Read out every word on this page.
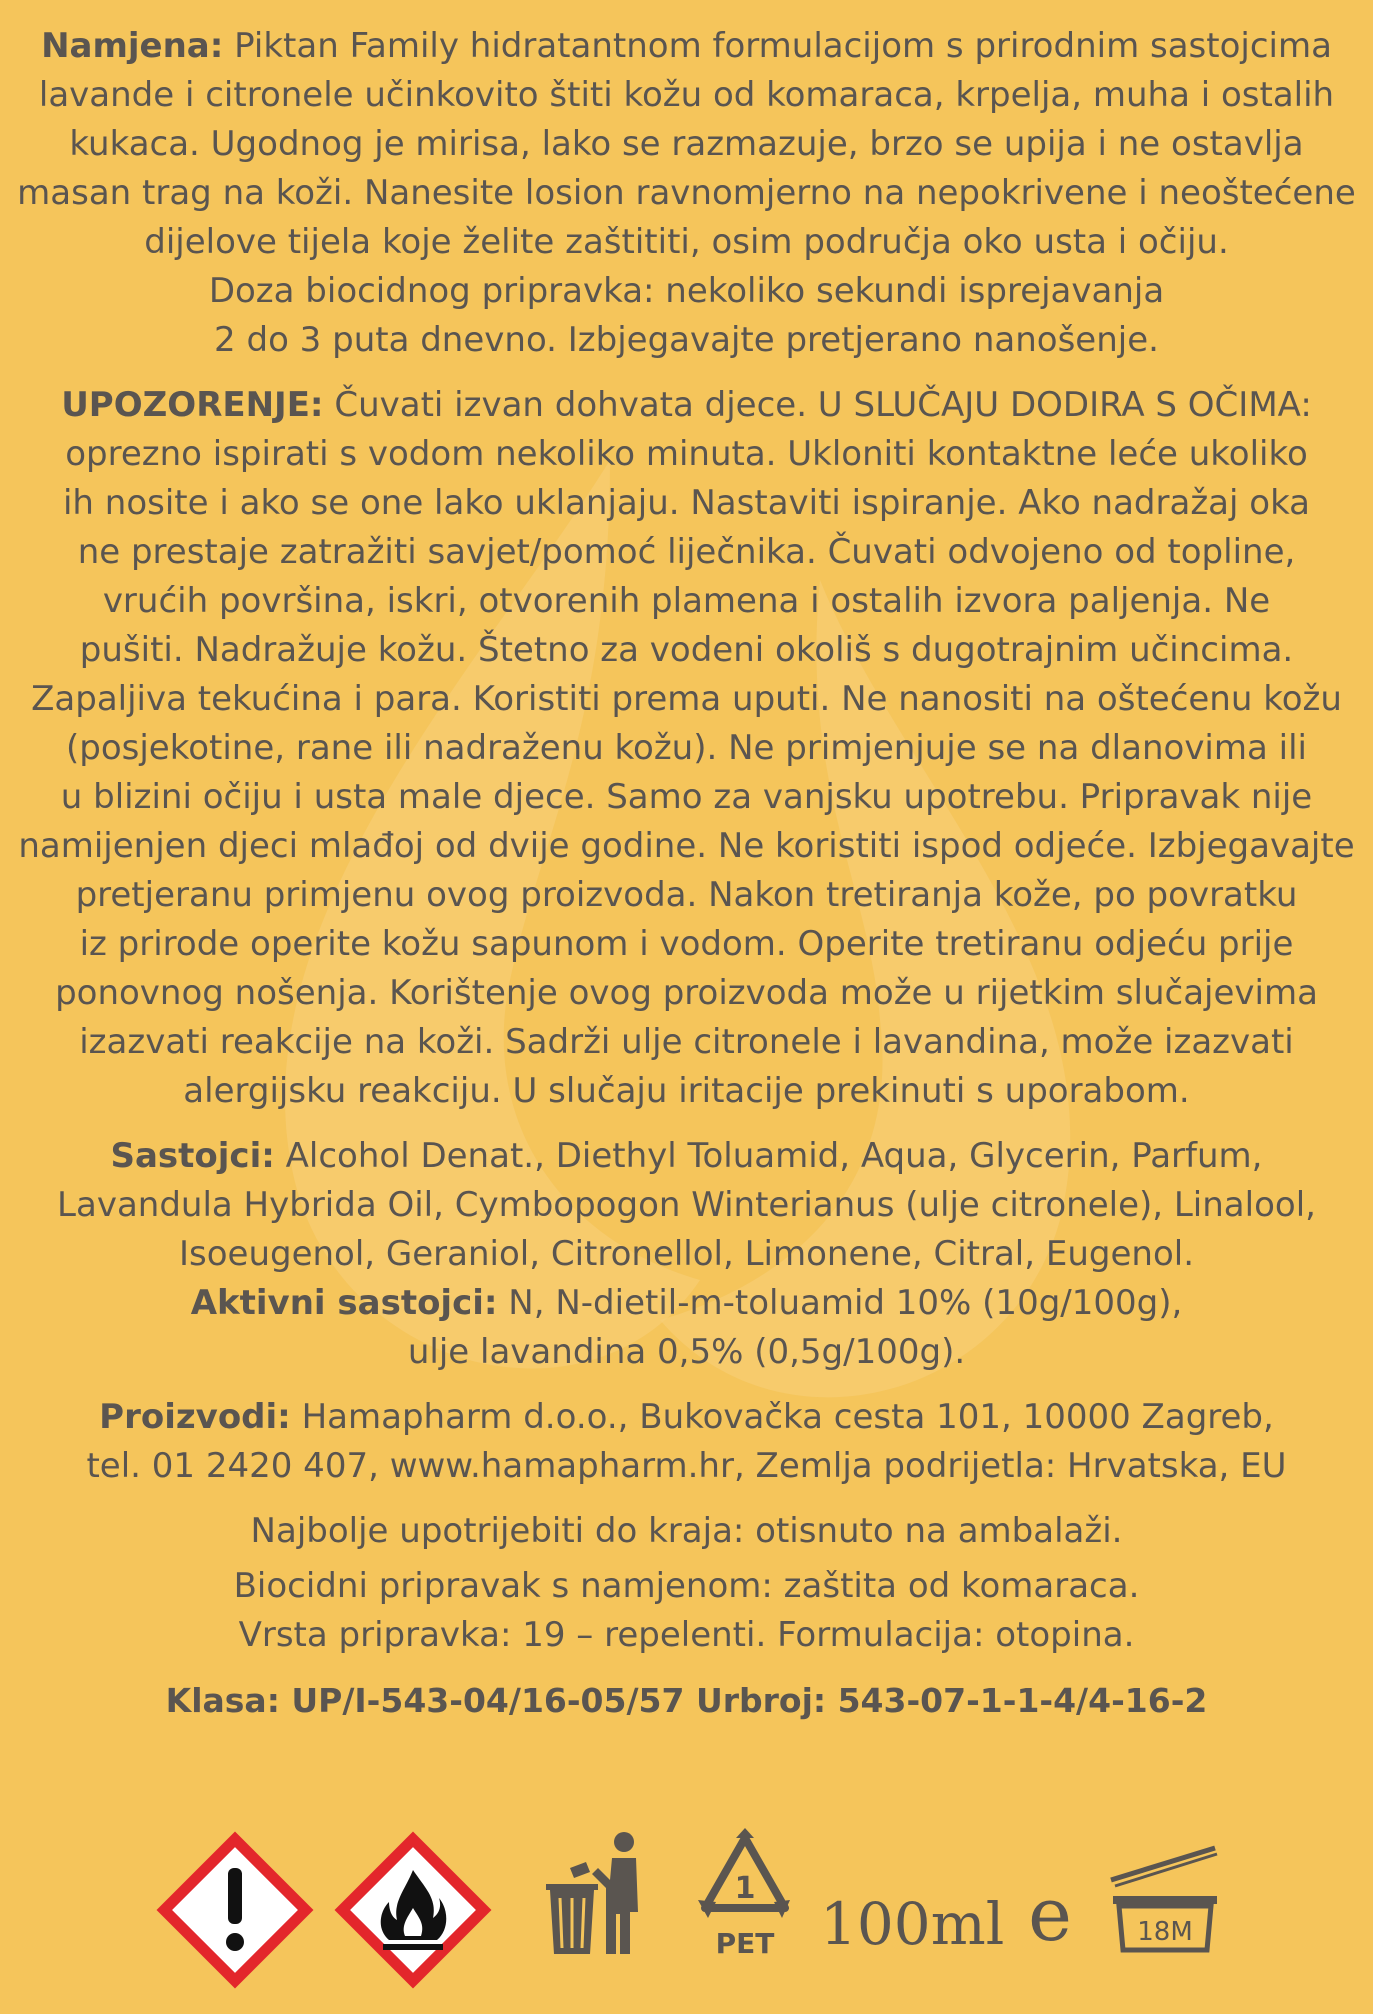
Namjena: Piktan Family hidratantnom formulacijom s prirodnim sastojcima
lavande i citronele učinkovito štiti kožu od komaraca, krpelja, muha i ostalih
kukaca. Ugodnog je mirisa, lako se razmazuje, brzo se upija i ne ostavlja
masan trag na koži. Nanesite losion ravnomjerno na nepokrivene i neoštećene
dijelove tijela koje želite zaštititi, osim područja oko usta i očiju.
Doza biocidnog pripravka: nekoliko sekundi isprejavanja
2 do 3 puta dnevno. Izbjegavajte pretjerano nanošenje.
UPOZORENJE: Čuvati izvan dohvata djece. U SLUČAJU DODIRA S OČIMA:
oprezno ispirati s vodom nekoliko minuta. Ukloniti kontaktne leće ukoliko
ih nosite i ako se one lako uklanjaju. Nastaviti ispiranje. Ako nadražaj oka
ne prestaje zatražiti savjet/pomoć liječnika. Čuvati odvojeno od topline,
vrućih površina, iskri, otvorenih plamena i ostalih izvora paljenja. Ne
pušiti. Nadražuje kožu. Štetno za vodeni okoliš s dugotrajnim učincima.
Zapaljiva tekućina i para. Koristiti prema uputi. Ne nanositi na oštećenu kožu
(posjekotine, rane ili nadraženu kožu). Ne primjenjuje se na dlanovima ili
u blizini očiju i usta male djece. Samo za vanjsku upotrebu. Pripravak nije
namijenjen djeci mlađoj od dvije godine. Ne koristiti ispod odjeće. Izbjegavajte
pretjeranu primjenu ovog proizvoda. Nakon tretiranja kože, po povratku
iz prirode operite kožu sapunom i vodom. Operite tretiranu odjeću prije
ponovnog nošenja. Korištenje ovog proizvoda može u rijetkim slučajevima
izazvati reakcije na koži. Sadrži ulje citronele i lavandina, može izazvati
alergijsku reakciju. U slučaju iritacije prekinuti s uporabom.
Sastojci: Alcohol Denat., Diethyl Toluamid, Aqua, Glycerin, Parfum,
Lavandula Hybrida Oil, Cymbopogon Winterianus (ulje citronele), Linalool,
Isoeugenol, Geraniol, Citronellol, Limonene, Citral, Eugenol.
Aktivni sastojci: N, N-dietil-m-toluamid 10% (10g/100g),
ulje lavandina 0,5% (0,5g/100g).
Proizvodi: Hamapharm d.o.o., Bukovačka cesta 101, 10000 Zagreb,
tel. 01 2420 407, www.hamapharm.hr, Zemlja podrijetla: Hrvatska, EU
Najbolje upotrijebiti do kraja: otisnuto na ambalaži.
Biocidni pripravak s namjenom: zaštita od komaraca.
Vrsta pripravka: 19 – repelenti. Formulacija: otopina.
Klasa: UP/I-543-04/16-05/57 Urbroj: 543-07-1-1-4/4-16-2
1
PET	e	18M
100ml
